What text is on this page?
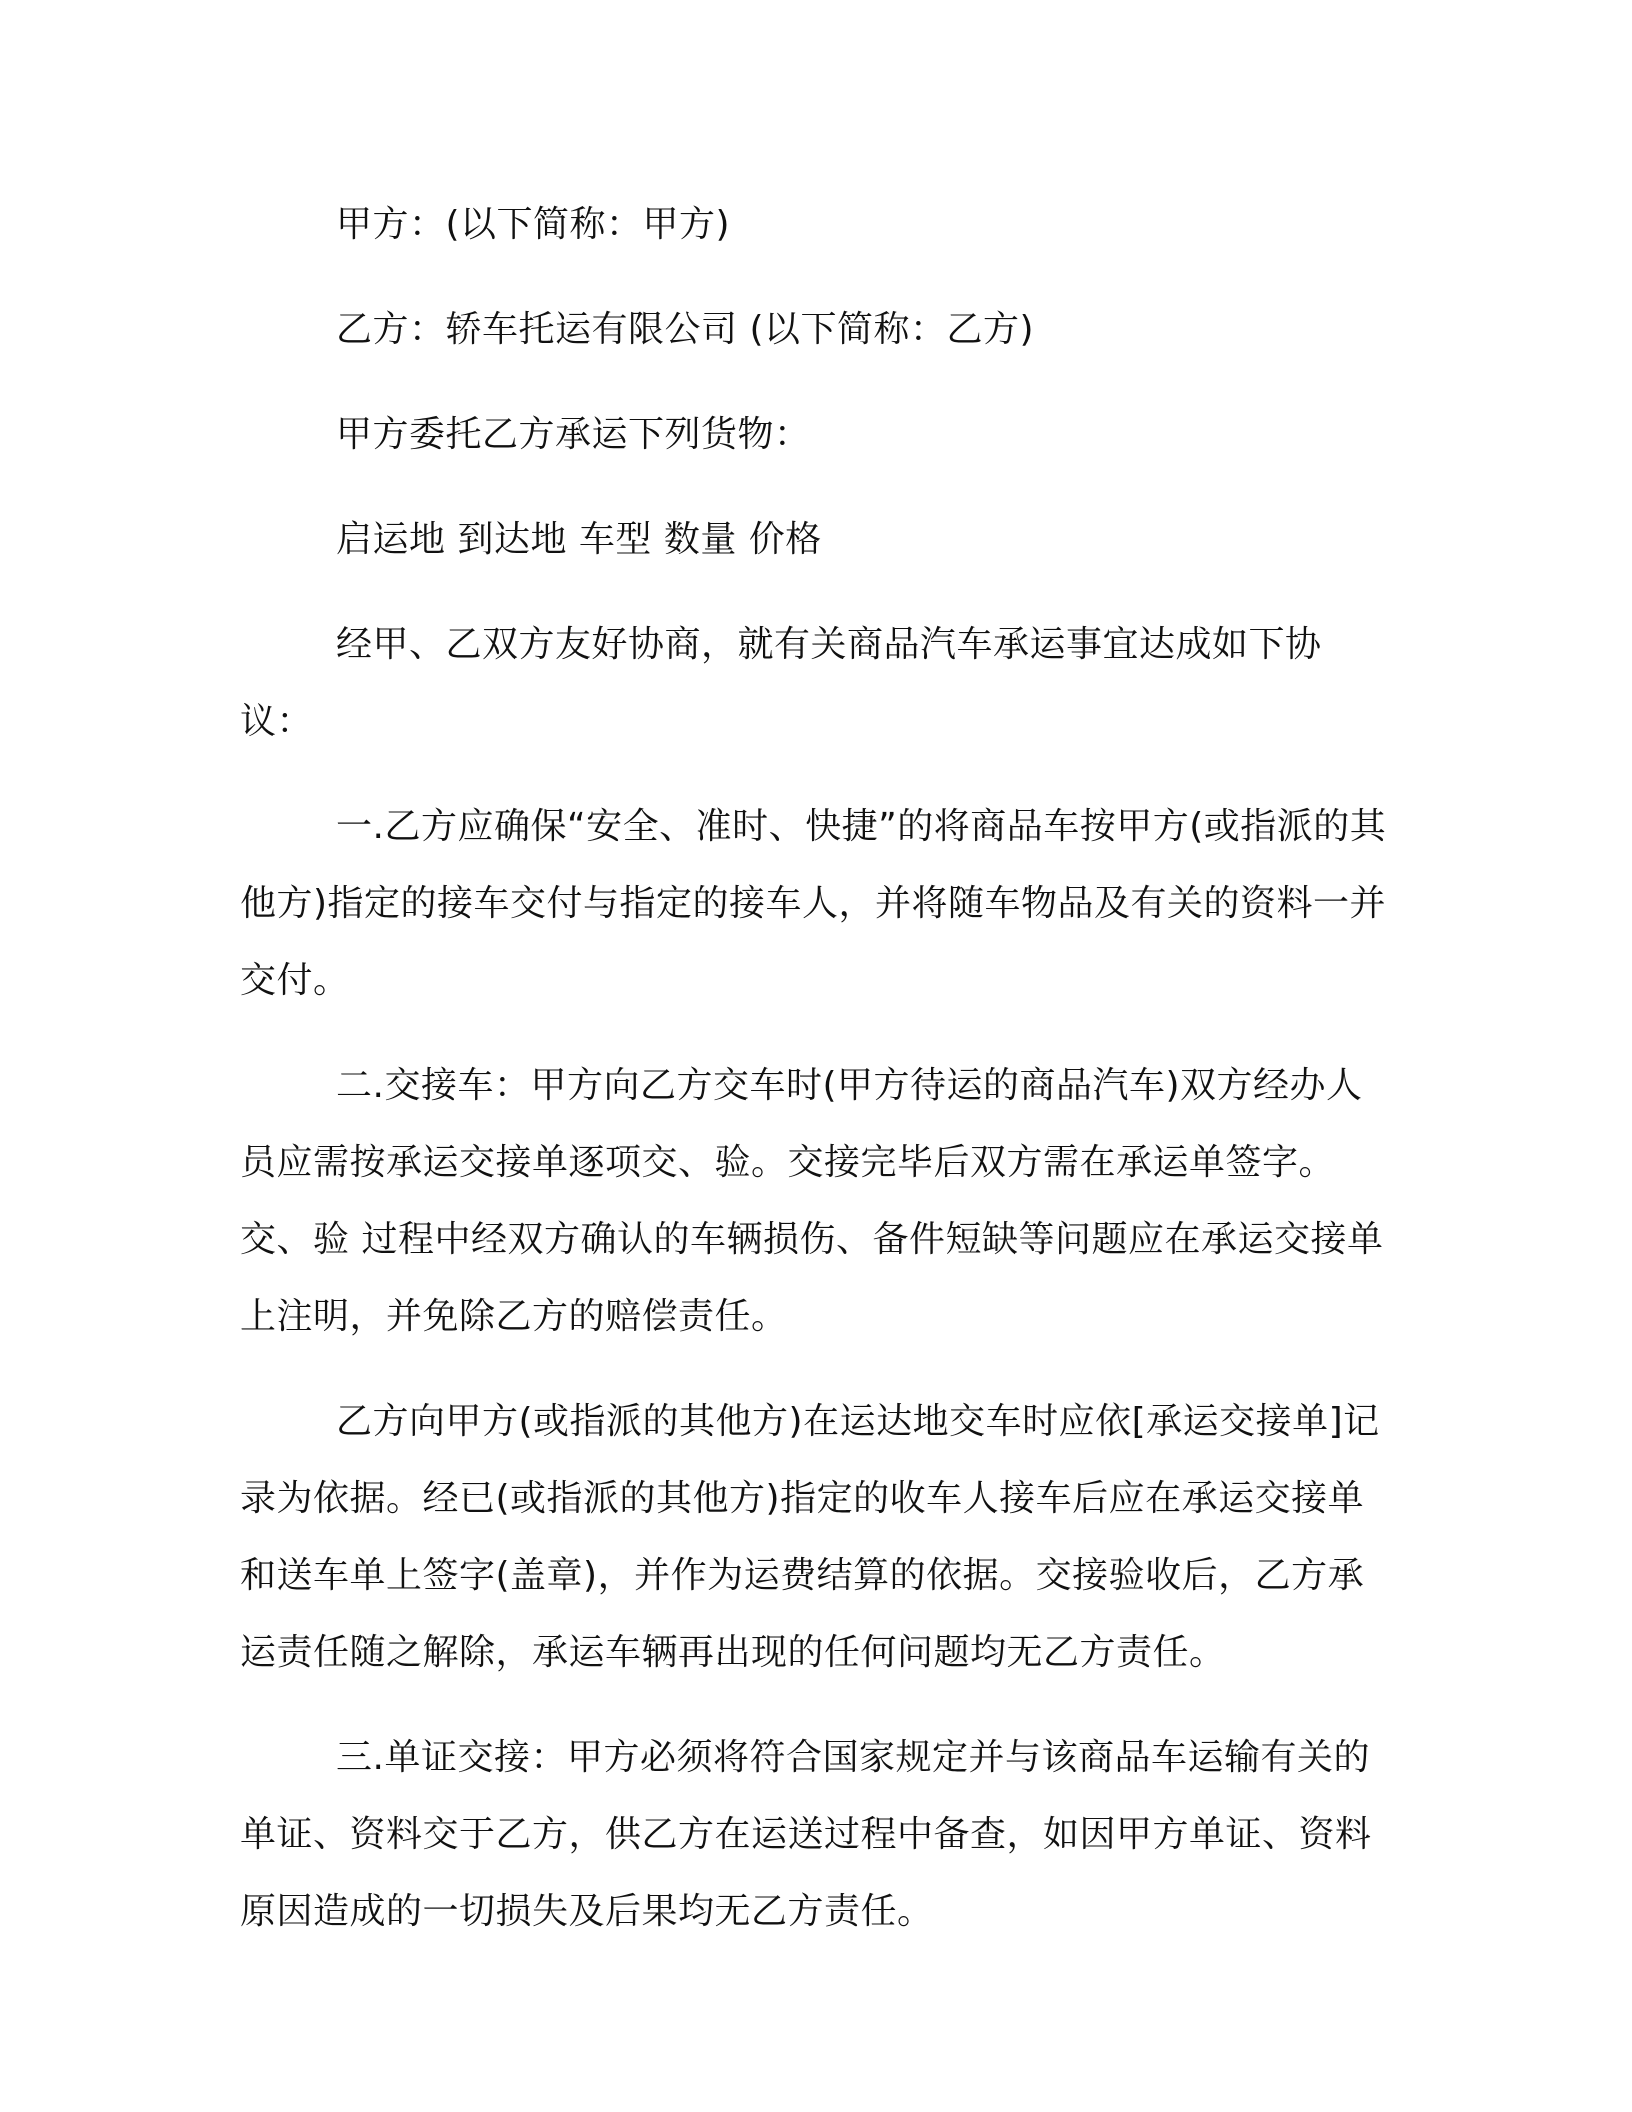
甲方：(以下简称：甲方)

乙方：轿车托运有限公司 (以下简称：乙方)

甲方委托乙方承运下列货物：

启运地 到达地 车型 数量 价格

经甲、乙双方友好协商，就有关商品汽车承运事宜达成如下协议：

一.乙方应确保“安全、准时、快捷”的将商品车按甲方(或指派的其他方)指定的接车交付与指定的接车人，并将随车物品及有关的资料一并交付。

二.交接车：甲方向乙方交车时(甲方待运的商品汽车)双方经办人员应需按承运交接单逐项交、验。交接完毕后双方需在承运单签字。交、验 过程中经双方确认的车辆损伤、备件短缺等问题应在承运交接单上注明，并免除乙方的赔偿责任。

乙方向甲方(或指派的其他方)在运达地交车时应依[承运交接单]记录为依据。经已(或指派的其他方)指定的收车人接车后应在承运交接单和送车单上签字(盖章)，并作为运费结算的依据。交接验收后，乙方承运责任随之解除，承运车辆再出现的任何问题均无乙方责任。

三.单证交接：甲方必须将符合国家规定并与该商品车运输有关的单证、资料交于乙方，供乙方在运送过程中备查，如因甲方单证、资料原因造成的一切损失及后果均无乙方责任。
